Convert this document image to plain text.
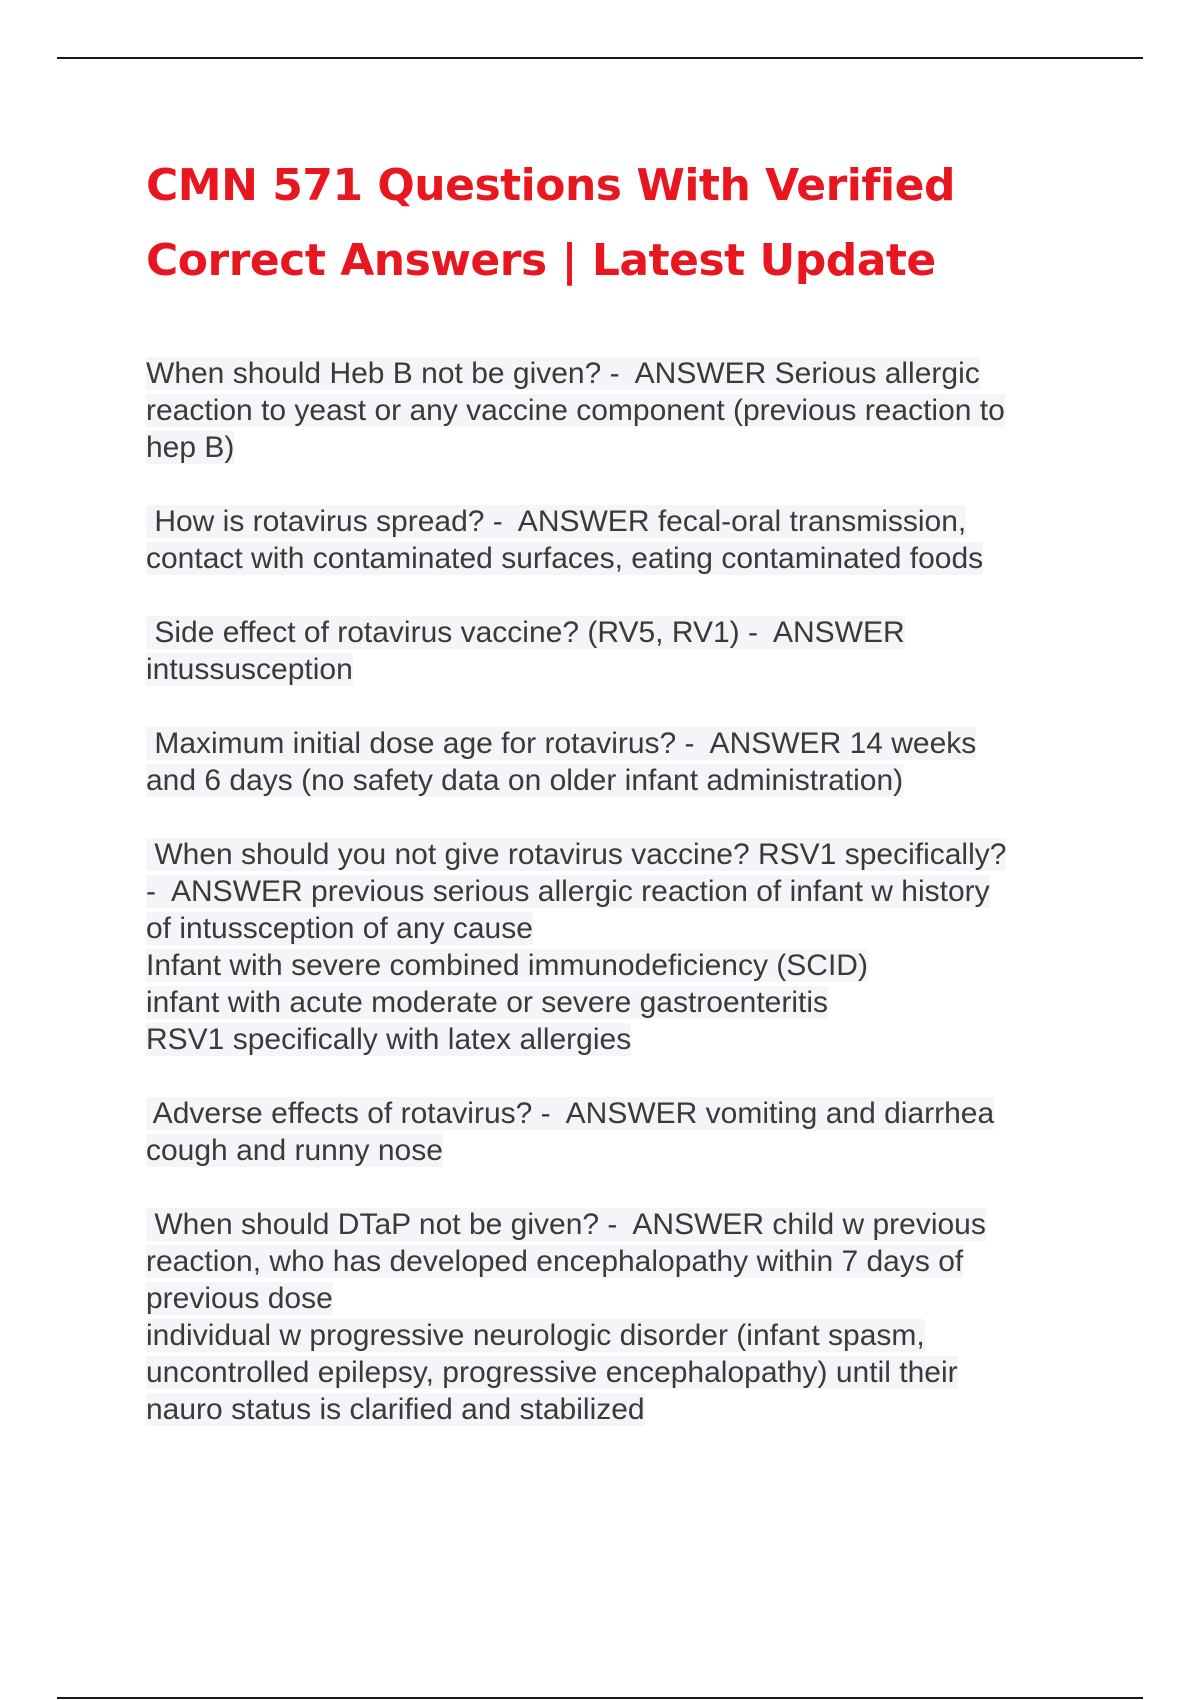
CMN 571 Questions With Verified
Correct Answers | Latest Update

When should Heb B not be given? -  ANSWER Serious allergic
reaction to yeast or any vaccine component (previous reaction to
hep B)

How is rotavirus spread? -  ANSWER fecal-oral transmission,
contact with contaminated surfaces, eating contaminated foods

Side effect of rotavirus vaccine? (RV5, RV1) -  ANSWER
intussusception

Maximum initial dose age for rotavirus? -  ANSWER 14 weeks
and 6 days (no safety data on older infant administration)

When should you not give rotavirus vaccine? RSV1 specifically?
-  ANSWER previous serious allergic reaction of infant w history
of intussception of any cause
Infant with severe combined immunodeficiency (SCID)
infant with acute moderate or severe gastroenteritis
RSV1 specifically with latex allergies

Adverse effects of rotavirus? -  ANSWER vomiting and diarrhea
cough and runny nose

When should DTaP not be given? -  ANSWER child w previous
reaction, who has developed encephalopathy within 7 days of
previous dose
individual w progressive neurologic disorder (infant spasm,
uncontrolled epilepsy, progressive encephalopathy) until their
nauro status is clarified and stabilized
